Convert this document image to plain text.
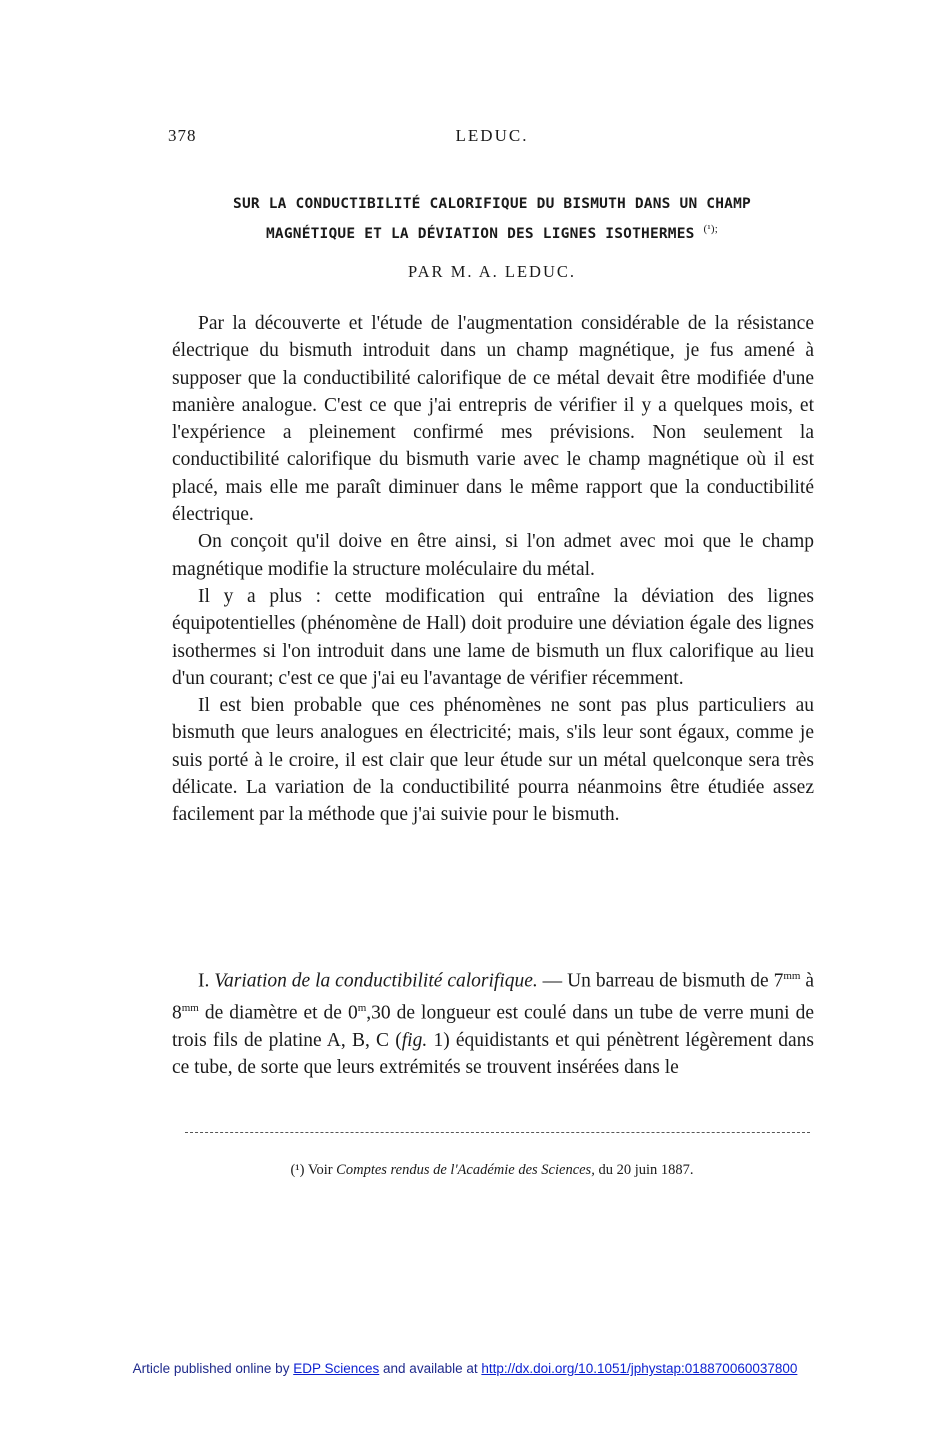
378	LEDUC.
SUR LA CONDUCTIBILITÉ CALORIFIQUE DU BISMUTH DANS UN CHAMP
MAGNÉTIQUE ET LA DÉVIATION DES LIGNES ISOTHERMES $^{(^1);}$
PAR M. A. LEDUC.

Par la découverte et l'étude de l'augmentation considérable de la résistance électrique du bismuth introduit dans un champ magnétique, je fus amené à supposer que la conductibilité calorifique de ce métal devait être modifiée d'une manière analogue. C'est ce que j'ai entrepris de vérifier il y a quelques mois, et l'expérience a pleinement confirmé mes prévisions. Non seulement la conductibilité calorifique du bismuth varie avec le champ magnétique où il est placé, mais elle me paraît diminuer dans le même rapport que la conductibilité électrique.

On conçoit qu'il doive en être ainsi, si l'on admet avec moi que le champ magnétique modifie la structure moléculaire du métal.

Il y a plus : cette modification qui entraîne la déviation des lignes équipotentielles (phénomène de Hall) doit produire une déviation égale des lignes isothermes si l'on introduit dans une lame de bismuth un flux calorifique au lieu d'un courant; c'est ce que j'ai eu l'avantage de vérifier récemment.

Il est bien probable que ces phénomènes ne sont pas plus particuliers au bismuth que leurs analogues en électricité; mais, s'ils leur sont égaux, comme je suis porté à le croire, il est clair que leur étude sur un métal quelconque sera très délicate. La variation de la conductibilité pourra néanmoins être étudiée assez facilement par la méthode que j'ai suivie pour le bismuth.

I. Variation de la conductibilité calorifique. — Un barreau de bismuth de $7^{mm}$ à $8^{mm}$ de diamètre et de 0$^m$,30 de longueur est coulé dans un tube de verre muni de trois fils de platine A, B, C (fig. 1) équidistants et qui pénètrent légèrement dans ce tube, de sorte que leurs extrémités se trouvent insérées dans le

(¹) Voir Comptes rendus de l'Académie des Sciences, du 20 juin 1887.
Article published online by EDP Sciences and available at http://dx.doi.org/10.1051/jphystap:018870060037800
